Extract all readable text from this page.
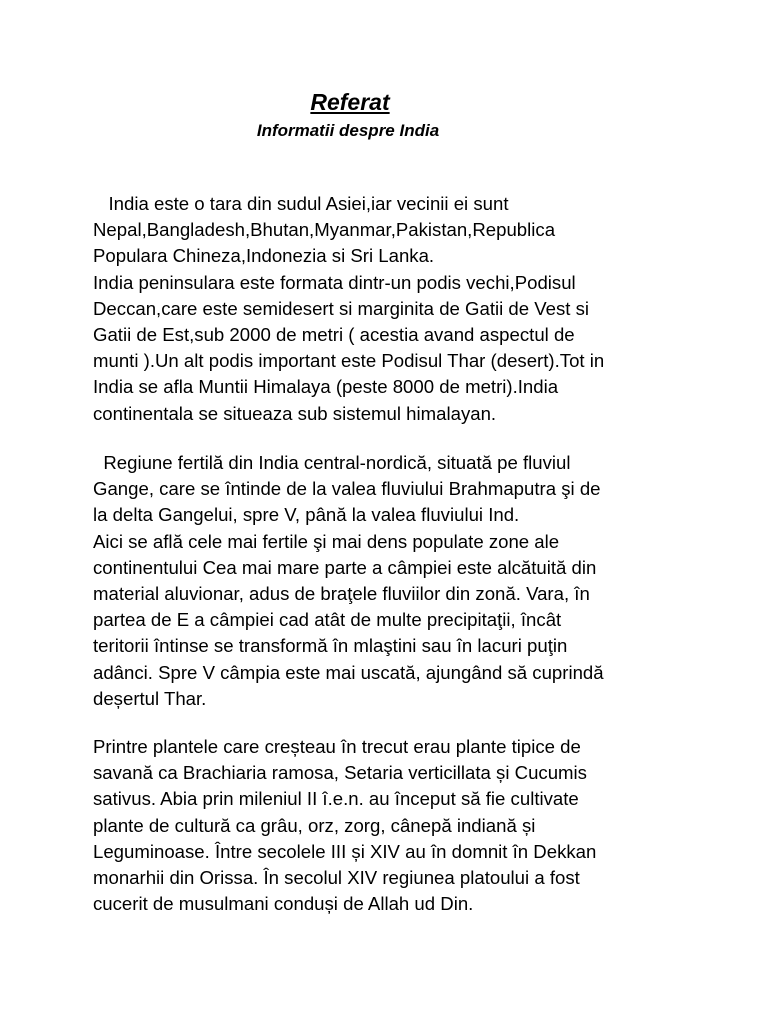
Referat
Informatii despre India

India este o tara din sudul Asiei,iar vecinii ei sunt
Nepal,Bangladesh,Bhutan,Myanmar,Pakistan,Republica
Populara Chineza,Indonezia si Sri Lanka.
India peninsulara este formata dintr-un podis vechi,Podisul
Deccan,care este semidesert si marginita de Gatii de Vest si
Gatii de Est,sub 2000 de metri ( acestia avand aspectul de
munti ).Un alt podis important este Podisul Thar (desert).Tot in
India se afla Muntii Himalaya (peste 8000 de metri).India
continentala se situeaza sub sistemul himalayan.

Regiune fertilă din India central-nordică, situată pe fluviul
Gange, care se întinde de la valea fluviului Brahmaputra şi de
la delta Gangelui, spre V, până la valea fluviului Ind.
Aici se află cele mai fertile şi mai dens populate zone ale
continentului Cea mai mare parte a câmpiei este alcătuită din
material aluvionar, adus de braţele fluviilor din zonă. Vara, în
partea de E a câmpiei cad atât de multe precipitaţii, încât
teritorii întinse se transformă în mlaştini sau în lacuri puţin
adânci. Spre V câmpia este mai uscată, ajungând să cuprindă
deșertul Thar.

Printre plantele care creșteau în trecut erau plante tipice de
savană ca Brachiaria ramosa, Setaria verticillata și Cucumis
sativus. Abia prin mileniul II î.e.n. au început să fie cultivate
plante de cultură ca grâu, orz, zorg, cânepă indiană și
Leguminoase. Între secolele III și XIV au în domnit în Dekkan
monarhii din Orissa. În secolul XIV regiunea platoului a fost
cucerit de musulmani conduși de Allah ud Din.
